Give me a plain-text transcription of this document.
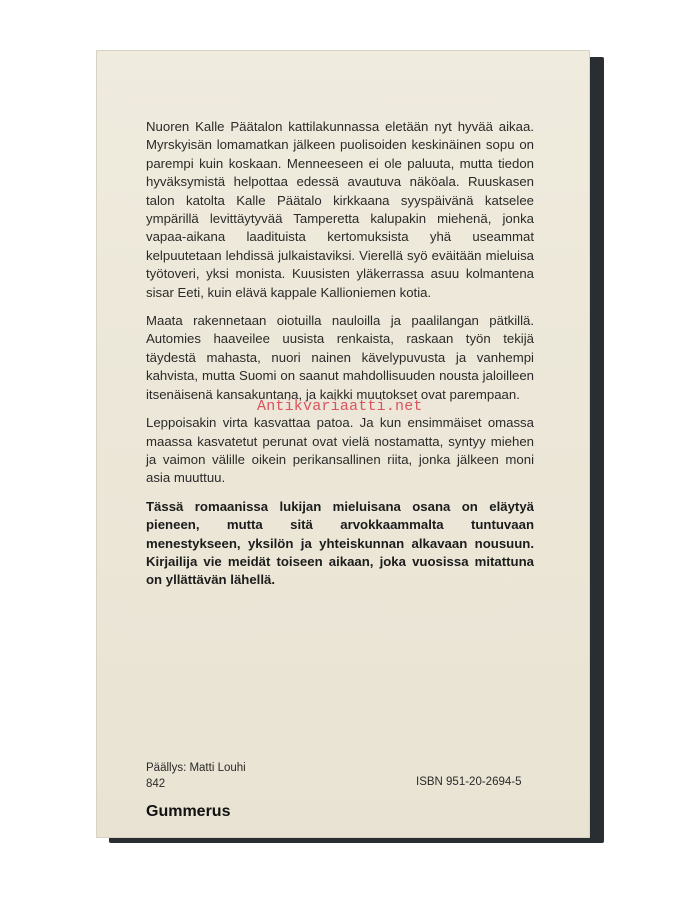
Nuoren Kalle Päätalon kattilakunnassa eletään nyt hyvää aikaa. Myrskyisän lomamatkan jälkeen puolisoiden keskinäinen sopu on parempi kuin koskaan. Menneeseen ei ole paluuta, mutta tiedon hyväksymistä helpottaa edessä avautuva näköala. Ruuskasen talon katolta Kalle Päätalo kirkkaana syyspäivänä katselee ympärillä levittäytyvää Tamperetta kalupakin miehenä, jonka vapaa-aikana laadituista kertomuksista yhä useammat kelpuutetaan lehdissä julkaistaviksi. Vierellä syö eväitään mieluisa työtoveri, yksi monista. Kuusisten yläkerrassa asuu kolmantena sisar Eeti, kuin elävä kappale Kallioniemen kotia.

Maata rakennetaan oiotuilla nauloilla ja paalilangan pätkillä. Automies haaveilee uusista renkaista, raskaan työn tekijä täydestä mahasta, nuori nainen kävelypuvusta ja vanhempi kahvista, mutta Suomi on saanut mahdollisuuden nousta jaloilleen itsenäisenä kansakuntana, ja kaikki muutokset ovat parempaan.

Leppoisakin virta kasvattaa patoa. Ja kun ensimmäiset omassa maassa kasvatetut perunat ovat vielä nostamatta, syntyy miehen ja vaimon välille oikein perikansallinen riita, jonka jälkeen moni asia muuttuu.

Tässä romaanissa lukijan mieluisana osana on eläytyä pieneen, mutta sitä arvokkaammalta tuntuvaan menestykseen, yksilön ja yhteiskunnan alkavaan nousuun. Kirjailija vie meidät toiseen aikaan, joka vuosissa mitattuna on yllättävän lähellä.

Antikvariaatti.net
Päällys: Matti Louhi
842	ISBN 951-20-2694-5
Gummerus
